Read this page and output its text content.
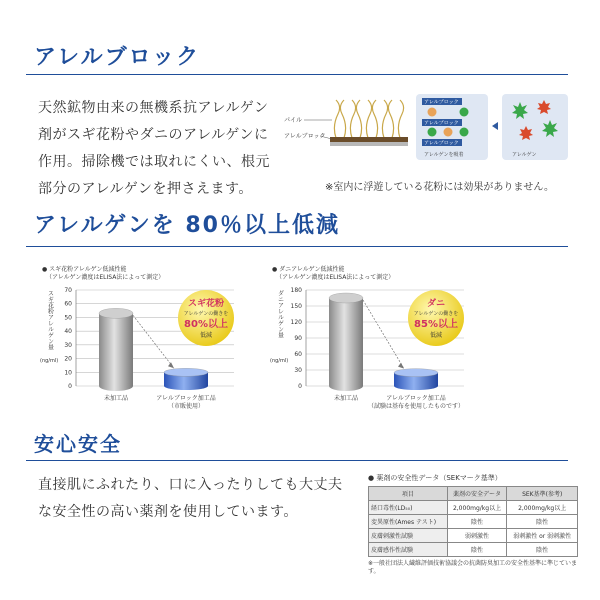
アレルブロック
天然鉱物由来の無機系抗アレルゲン剤がスギ花粉やダニのアレルゲンに作用。掃除機では取れにくい、根元部分のアレルゲンを押さえます。
パイル
アレルブロック
アレルブロック
アレルブロック
アレルブロック
アレルゲンを吸着	アレルゲン
※室内に浮遊している花粉には効果がありません。
アレルゲンを 80％以上低減
● スギ花粉アレルゲン低減性能
（アレルゲン濃度はELISA法によって測定）
70
60
50
40
30
20
10
0
スギ花粉アレルゲン量
(ng/ml)
未加工品	アレルブロック加工品
（市販使用）
スギ花粉
アレルゲンの働きを
80%以上
低減
● ダニアレルゲン低減性能
（アレルゲン濃度はELISA法によって測定）
180
150
120
90
60
30
0
ダニアレルゲン量
(ng/ml)
未加工品	アレルブロック加工品
（試験は基布を使用したものです）
ダニ
アレルゲンの働きを
85%以上
低減
安心安全
直接肌にふれたり、口に入ったりしても大丈夫な安全性の高い薬剤を使用しています。
● 薬剤の安全性データ（SEKマーク基準）
項目	薬剤の安全データ	SEK基準(参考)
経口毒性(LD₅₀)	2,000mg/kg以上	2,000mg/kg以上
変異原性(Ames テスト)	陰性	陰性
皮膚刺激性試験	弱刺激性	弱刺激性 or 弱刺激性
皮膚感作性試験	陰性	陰性
※一般社団法人繊維評価技術協議会の抗菌防臭加工の安全性基準に準じています。
